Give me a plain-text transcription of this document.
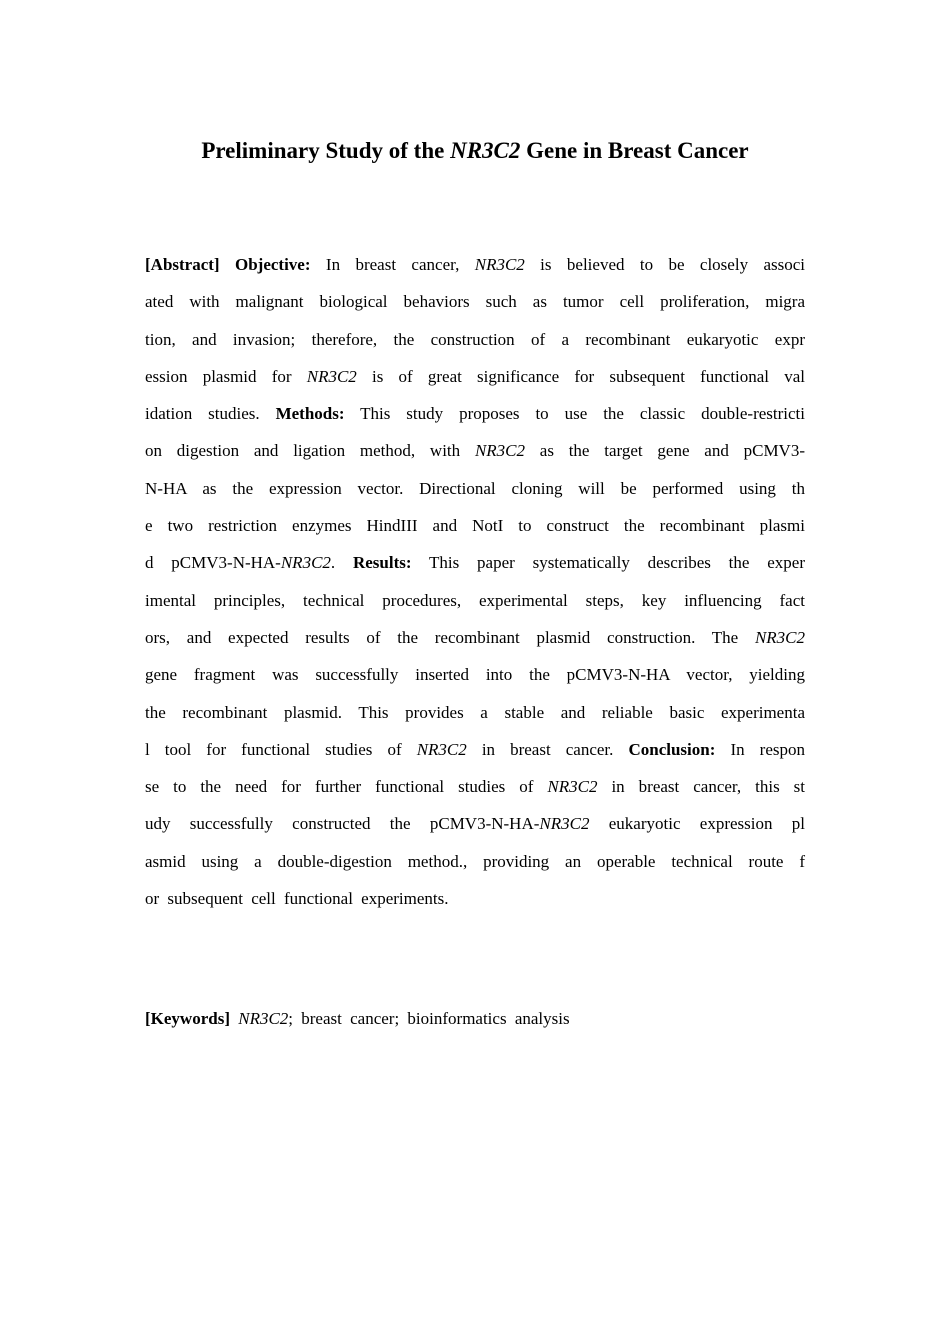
Preliminary Study of the NR3C2 Gene in Breast Cancer
[Abstract] Objective: In breast cancer, NR3C2 is believed to be closely associ
ated with malignant biological behaviors such as tumor cell proliferation, migra
tion, and invasion; therefore, the construction of a recombinant eukaryotic expr
ession plasmid for NR3C2 is of great significance for subsequent functional val
idation studies. Methods: This study proposes to use the classic double-restricti
on digestion and ligation method, with NR3C2 as the target gene and pCMV3-
N-HA as the expression vector. Directional cloning will be performed using th
e two restriction enzymes HindIII and NotI to construct the recombinant plasmi
d pCMV3-N-HA-NR3C2. Results: This paper systematically describes the exper
imental principles, technical procedures, experimental steps, key influencing fact
ors, and expected results of the recombinant plasmid construction. The NR3C2
gene fragment was successfully inserted into the pCMV3-N-HA vector, yielding
the recombinant plasmid. This provides a stable and reliable basic experimenta
l tool for functional studies of NR3C2 in breast cancer. Conclusion: In respon
se to the need for further functional studies of NR3C2 in breast cancer, this st
udy successfully constructed the pCMV3-N-HA-NR3C2 eukaryotic expression pl
asmid using a double-digestion method., providing an operable technical route f
or subsequent cell functional experiments.
[Keywords] NR3C2; breast cancer; bioinformatics analysis
